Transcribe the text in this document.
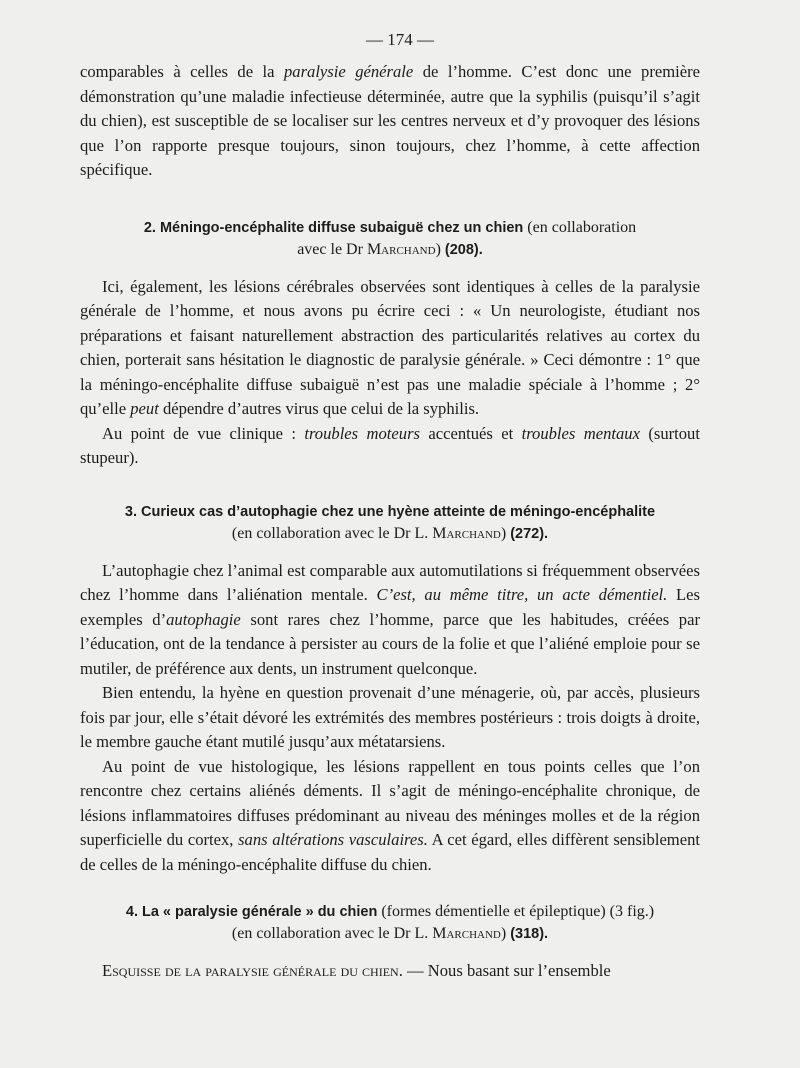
— 174 —

comparables à celles de la paralysie générale de l’homme. C’est donc une première démonstration qu’une maladie infectieuse déterminée, autre que la syphilis (puisqu’il s’agit du chien), est susceptible de se localiser sur les centres nerveux et d’y provoquer des lésions que l’on rapporte presque toujours, sinon toujours, chez l’homme, à cette affection spécifique.

2. Méningo-encéphalite diffuse subaiguë chez un chien (en collaboration
avec le Dr Marchand) (208).

Ici, également, les lésions cérébrales observées sont identiques à celles de la paralysie générale de l’homme, et nous avons pu écrire ceci : « Un neurologiste, étudiant nos préparations et faisant naturellement abstraction des particularités relatives au cortex du chien, porterait sans hésitation le diagnostic de paralysie générale. » Ceci démontre : 1° que la méningo-encéphalite diffuse subaiguë n’est pas une maladie spéciale à l’homme ; 2° qu’elle peut dépendre d’autres virus que celui de la syphilis.

Au point de vue clinique : troubles moteurs accentués et troubles mentaux (surtout stupeur).

3. Curieux cas d’autophagie chez une hyène atteinte de méningo-encéphalite
(en collaboration avec le Dr L. Marchand) (272).

L’autophagie chez l’animal est comparable aux automutilations si fréquemment observées chez l’homme dans l’aliénation mentale. C’est, au même titre, un acte démentiel. Les exemples d’autophagie sont rares chez l’homme, parce que les habitudes, créées par l’éducation, ont de la tendance à persister au cours de la folie et que l’aliéné emploie pour se mutiler, de préférence aux dents, un instrument quelconque.

Bien entendu, la hyène en question provenait d’une ménagerie, où, par accès, plusieurs fois par jour, elle s’était dévoré les extrémités des membres postérieurs : trois doigts à droite, le membre gauche étant mutilé jusqu’aux métatarsiens.

Au point de vue histologique, les lésions rappellent en tous points celles que l’on rencontre chez certains aliénés déments. Il s’agit de méningo-encéphalite chronique, de lésions inflammatoires diffuses prédominant au niveau des méninges molles et de la région superficielle du cortex, sans altérations vasculaires. A cet égard, elles diffèrent sensiblement de celles de la méningo-encéphalite diffuse du chien.

4. La « paralysie générale » du chien (formes démentielle et épileptique) (3 fig.)
(en collaboration avec le Dr L. Marchand) (318).

Esquisse de la paralysie générale du chien. — Nous basant sur l’ensemble
